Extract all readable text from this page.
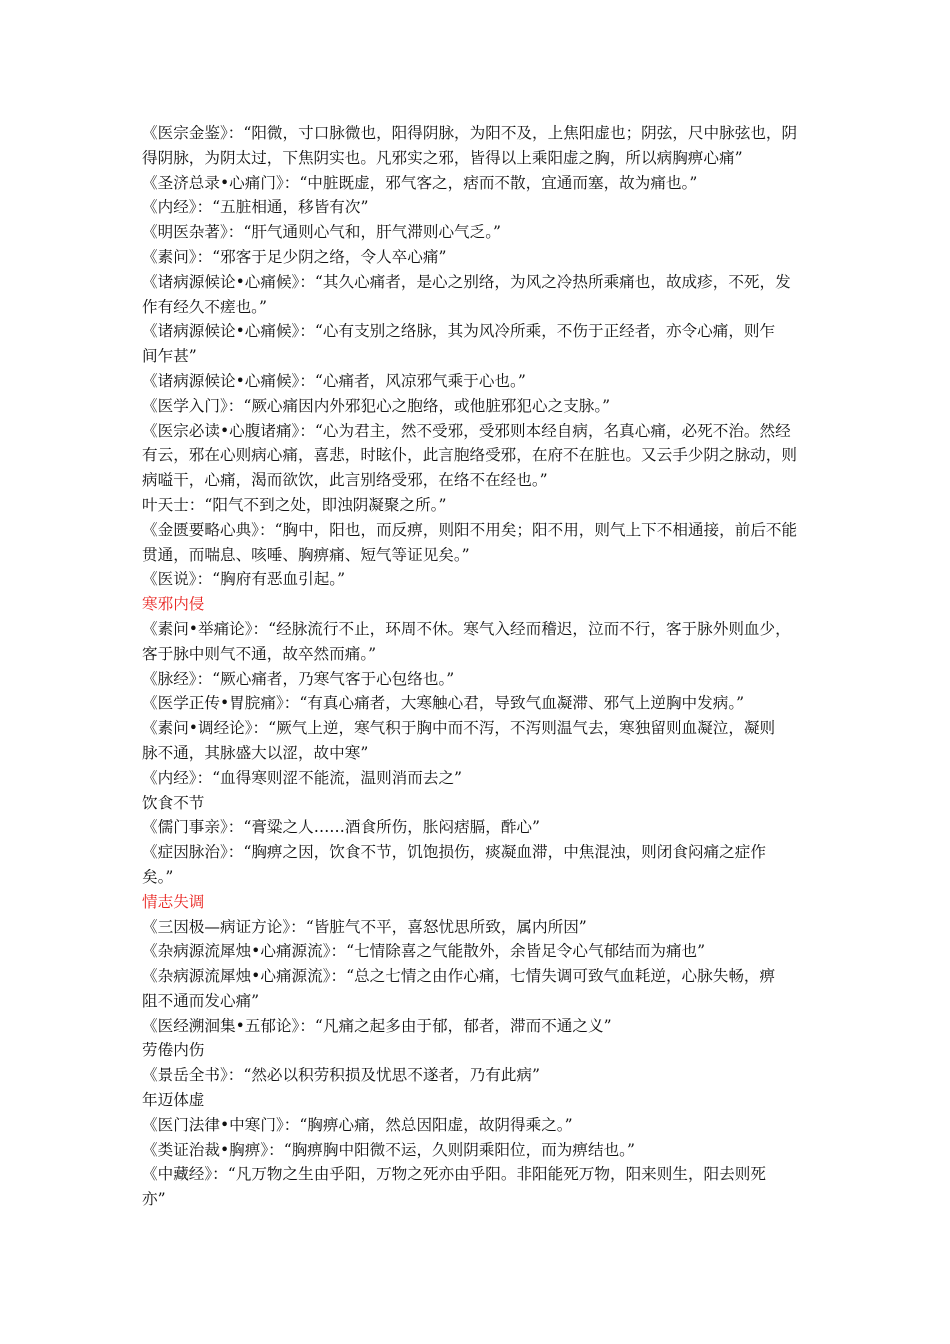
《医宗金鉴》：“阳微，寸口脉微也，阳得阴脉，为阳不及，上焦阳虚也；阴弦，尺中脉弦也，阴

得阴脉，为阴太过，下焦阴实也。凡邪实之邪，皆得以上乘阳虚之胸，所以病胸痹心痛”

《圣济总录•心痛门》：“中脏既虚，邪气客之，痞而不散，宜通而塞，故为痛也。”

《内经》：“五脏相通，移皆有次”

《明医杂著》：“肝气通则心气和，肝气滞则心气乏。”

《素问》：“邪客于足少阴之络，令人卒心痛”

《诸病源候论•心痛候》：“其久心痛者，是心之别络，为风之冷热所乘痛也，故成疹，不死，发

作有经久不瘥也。”

《诸病源候论•心痛候》：“心有支别之络脉，其为风冷所乘，不伤于正经者，亦令心痛，则乍

间乍甚”

《诸病源候论•心痛候》：“心痛者，风凉邪气乘于心也。”

《医学入门》：“厥心痛因内外邪犯心之胞络，或他脏邪犯心之支脉。”

《医宗必读•心腹诸痛》：“心为君主，然不受邪，受邪则本经自病，名真心痛，必死不治。然经

有云，邪在心则病心痛，喜悲，时眩仆，此言胞络受邪，在府不在脏也。又云手少阴之脉动，则

病嗌干，心痛，渴而欲饮，此言别络受邪，在络不在经也。”

叶天士：“阳气不到之处，即浊阴凝聚之所。”

《金匮要略心典》：“胸中，阳也，而反痹，则阳不用矣；阳不用，则气上下不相通接，前后不能

贯通，而喘息、咳唾、胸痹痛、短气等证见矣。”

《医说》：“胸府有恶血引起。”

寒邪内侵

《素问•举痛论》：“经脉流行不止，环周不休。寒气入经而稽迟，泣而不行，客于脉外则血少，

客于脉中则气不通，故卒然而痛。”

《脉经》：“厥心痛者，乃寒气客于心包络也。”

《医学正传•胃脘痛》：“有真心痛者，大寒触心君，导致气血凝滞、邪气上逆胸中发病。”

《素问•调经论》：“厥气上逆，寒气积于胸中而不泻，不泻则温气去，寒独留则血凝泣，凝则

脉不通，其脉盛大以涩，故中寒”

《内经》：“血得寒则涩不能流，温则消而去之”

饮食不节

《儒门事亲》：“膏粱之人……酒食所伤，胀闷痞膈，酢心”

《症因脉治》：“胸痹之因，饮食不节，饥饱损伤，痰凝血滞，中焦混浊，则闭食闷痛之症作

矣。”

情志失调

《三因极—病证方论》：“皆脏气不平，喜怒忧思所致，属内所因”

《杂病源流犀烛•心痛源流》：“七情除喜之气能散外，余皆足令心气郁结而为痛也”

《杂病源流犀烛•心痛源流》：“总之七情之由作心痛，七情失调可致气血耗逆，心脉失畅，痹

阻不通而发心痛”

《医经溯洄集•五郁论》：“凡痛之起多由于郁，郁者，滞而不通之义”

劳倦内伤

《景岳全书》：“然必以积劳积损及忧思不遂者，乃有此病”

年迈体虚

《医门法律•中寒门》：“胸痹心痛，然总因阳虚，故阴得乘之。”

《类证治裁•胸痹》：“胸痹胸中阳微不运，久则阴乘阳位，而为痹结也。”

《中藏经》：“凡万物之生由乎阳，万物之死亦由乎阳。非阳能死万物，阳来则生，阳去则死

亦”
